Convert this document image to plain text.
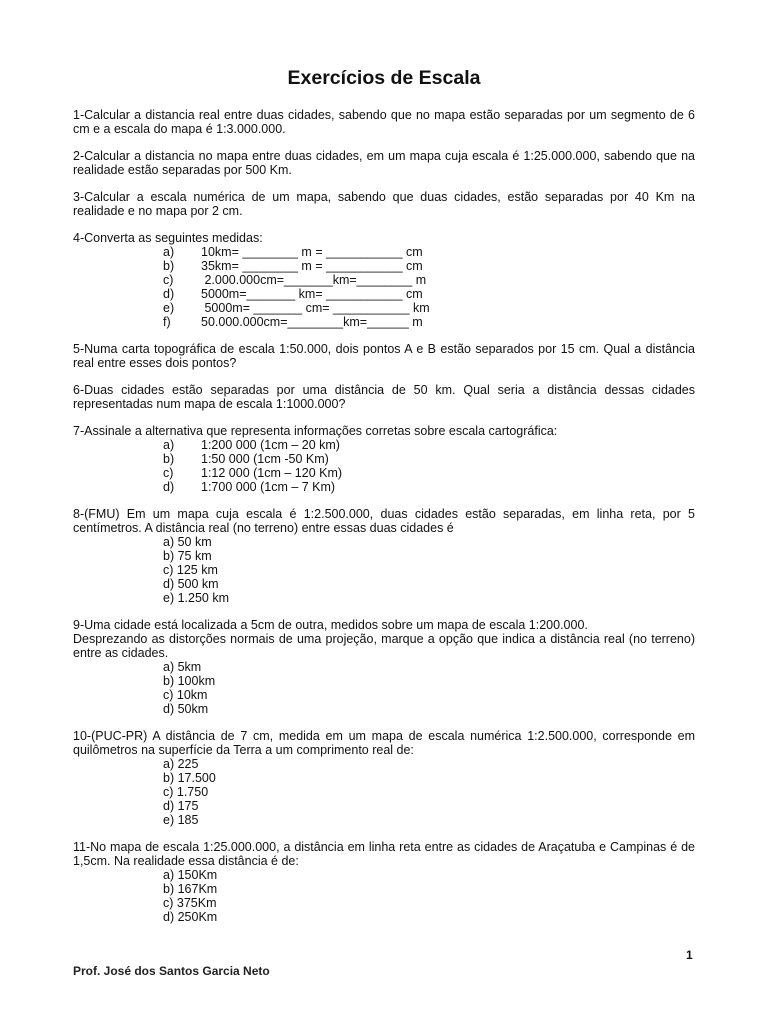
Exercícios de Escala

1-Calcular a distancia real entre duas cidades, sabendo que no mapa estão separadas por um segmento de 6 cm e a escala do mapa é 1:3.000.000.

2-Calcular a distancia no mapa entre duas cidades, em um mapa cuja escala é 1:25.000.000, sabendo que na realidade estão separadas por 500 Km.

3-Calcular a escala numérica de um mapa, sabendo que duas cidades, estão separadas por 40 Km na realidade e no mapa por 2 cm.

4-Converta as seguintes medidas:

a) 10km= ________ m = ___________ cm
b) 35km= ________ m = ___________ cm
c) 2.000.000cm=_______km=________ m
d) 5000m=_______ km= ___________ cm
e) 5000m= _______ cm= ___________ km
f) 50.000.000cm=________km=______ m

5-Numa carta topográfica de escala 1:50.000, dois pontos A e B estão separados por 15 cm. Qual a distância real entre esses dois pontos?

6-Duas cidades estão separadas por uma distância de 50 km. Qual seria a distância dessas cidades representadas num mapa de escala 1:1000.000?

7-Assinale a alternativa que representa informações corretas sobre escala cartográfica:

a) 1:200 000 (1cm – 20 km)
b) 1:50 000 (1cm -50 Km)
c) 1:12 000 (1cm – 120 Km)
d) 1:700 000 (1cm – 7 Km)

8-(FMU) Em um mapa cuja escala é 1:2.500.000, duas cidades estão separadas, em linha reta, por 5 centímetros. A distância real (no terreno) entre essas duas cidades é

a) 50 km
b) 75 km
c) 125 km
d) 500 km
e) 1.250 km

9-Uma cidade está localizada a 5cm de outra, medidos sobre um mapa de escala 1:200.000.

Desprezando as distorções normais de uma projeção, marque a opção que indica a distância real (no terreno) entre as cidades.

a) 5km
b) 100km
c) 10km
d) 50km

10-(PUC-PR) A distância de 7 cm, medida em um mapa de escala numérica 1:2.500.000, corresponde em quilômetros na superfície da Terra a um comprimento real de:

a) 225
b) 17.500
c) 1.750
d) 175
e) 185

11-No mapa de escala 1:25.000.000, a distância em linha reta entre as cidades de Araçatuba e Campinas é de 1,5cm. Na realidade essa distância é de:

a) 150Km
b) 167Km
c) 375Km
d) 250Km
1
Prof. José dos Santos Garcia Neto
